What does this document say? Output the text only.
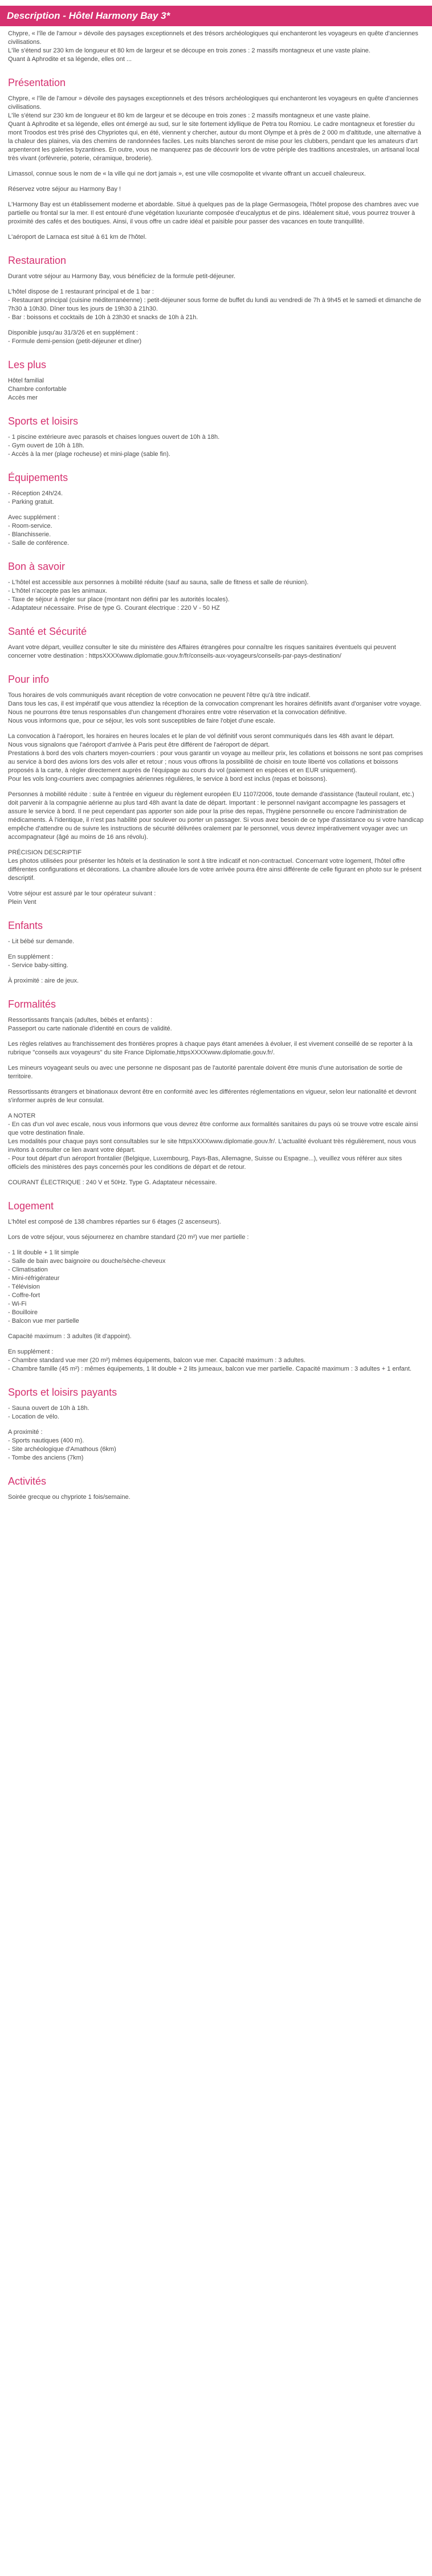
Description - Hôtel Harmony Bay 3*

Chypre, « l'île de l'amour » dévoile des paysages exceptionnels et des trésors archéologiques qui enchanteront les voyageurs en quête d'anciennes civilisations.
L'île s'étend sur 230 km de longueur et 80 km de largeur et se découpe en trois zones : 2 massifs montagneux et une vaste plaine.
Quant à Aphrodite et sa légende, elles ont ...

Présentation

Chypre, « l'île de l'amour » dévoile des paysages exceptionnels et des trésors archéologiques qui enchanteront les voyageurs en quête d'anciennes civilisations.
L'île s'étend sur 230 km de longueur et 80 km de largeur et se découpe en trois zones : 2 massifs montagneux et une vaste plaine.
Quant à Aphrodite et sa légende, elles ont émergé au sud, sur le site fortement idyllique de Petra tou Romiou. Le cadre montagneux et forestier du mont Troodos est très prisé des Chypriotes qui, en été, viennent y chercher, autour du mont Olympe et à près de 2 000 m d'altitude, une alternative à la chaleur des plaines, via des chemins de randonnées faciles. Les nuits blanches seront de mise pour les clubbers, pendant que les amateurs d'art arpenteront les galeries byzantines. En outre, vous ne manquerez pas de découvrir lors de votre périple des traditions ancestrales, un artisanal local très vivant (orfèvrerie, poterie, céramique, broderie).

Limassol, connue sous le nom de « la ville qui ne dort jamais », est une ville cosmopolite et vivante offrant un accueil chaleureux.

Réservez votre séjour au Harmony Bay !

L'Harmony Bay est un établissement moderne et abordable. Situé à quelques pas de la plage Germasogeia, l'hôtel propose des chambres avec vue partielle ou frontal sur la mer. Il est entouré d'une végétation luxuriante composée d'eucalyptus et de pins. Idéalement situé, vous pourrez trouver à proximité des cafés et des boutiques. Ainsi, il vous offre un cadre idéal et paisible pour passer des vacances en toute tranquillité.

L'aéroport de Larnaca est situé à 61 km de l'hôtel.

Restauration

Durant votre séjour au Harmony Bay, vous bénéficiez de la formule petit-déjeuner.

L'hôtel dispose de 1 restaurant principal et de 1 bar :
- Restaurant principal (cuisine méditerranéenne) : petit-déjeuner sous forme de buffet du lundi au vendredi de 7h à 9h45 et le samedi et dimanche de 7h30 à 10h30. Dîner tous les jours de 19h30 à 21h30.
- Bar : boissons et cocktails de 10h à 23h30 et snacks de 10h à 21h.
Disponible jusqu'au 31/3/26 et en supplément :
- Formule demi-pension (petit-déjeuner et dîner)
Les plus
Hôtel familial
Chambre confortable
Accès mer
Sports et loisirs
- 1 piscine extérieure avec parasols et chaises longues ouvert de 10h à 18h.
- Gym ouvert de 10h à 18h.
- Accès à la mer (plage rocheuse) et mini-plage (sable fin).
Équipements
- Réception 24h/24.
- Parking gratuit.
Avec supplément :
- Room-service.
- Blanchisserie.
- Salle de conférence.
Bon à savoir
- L'hôtel est accessible aux personnes à mobilité réduite (sauf au sauna, salle de fitness et salle de réunion).
- L'hôtel n'accepte pas les animaux.
- Taxe de séjour à régler sur place (montant non défini par les autorités locales).
- Adaptateur nécessaire. Prise de type G. Courant électrique : 220 V - 50 HZ
Santé et Sécurité

Avant votre départ, veuillez consulter le site du ministère des Affaires étrangères pour connaître les risques sanitaires éventuels qui peuvent concerner votre destination : httpsXXXXwww.diplomatie.gouv.fr/fr/conseils-aux-voyageurs/conseils-par-pays-destination/

Pour info

Tous horaires de vols communiqués avant réception de votre convocation ne peuvent l'être qu'à titre indicatif.
Dans tous les cas, il est impératif que vous attendiez la réception de la convocation comprenant les horaires définitifs avant d'organiser votre voyage.
Nous ne pourrons être tenus responsables d'un changement d'horaires entre votre réservation et la convocation définitive.
Nous vous informons que, pour ce séjour, les vols sont susceptibles de faire l'objet d'une escale.

La convocation à l'aéroport, les horaires en heures locales et le plan de vol définitif vous seront communiqués dans les 48h avant le départ.
Nous vous signalons que l'aéroport d'arrivée à Paris peut être différent de l'aéroport de départ.
Prestations à bord des vols charters moyen-courriers : pour vous garantir un voyage au meilleur prix, les collations et boissons ne sont pas comprises au service à bord des avions lors des vols aller et retour ; nous vous offrons la possibilité de choisir en toute liberté vos collations et boissons proposés à la carte, à régler directement auprès de l'équipage au cours du vol (paiement en espèces et en EUR uniquement).
Pour les vols long-courriers avec compagnies aériennes régulières, le service à bord est inclus (repas et boissons).

Personnes à mobilité réduite : suite à l'entrée en vigueur du règlement européen EU 1107/2006, toute demande d'assistance (fauteuil roulant, etc.) doit parvenir à la compagnie aérienne au plus tard 48h avant la date de départ. Important : le personnel navigant accompagne les passagers et assure le service à bord. Il ne peut cependant pas apporter son aide pour la prise des repas, l'hygiène personnelle ou encore l'administration de médicaments. À l'identique, il n'est pas habilité pour soulever ou porter un passager. Si vous avez besoin de ce type d'assistance ou si votre handicap empêche d'attendre ou de suivre les instructions de sécurité délivrées oralement par le personnel, vous devrez impérativement voyager avec un accompagnateur (âgé au moins de 16 ans révolu).

PRÉCISION DESCRIPTIF
Les photos utilisées pour présenter les hôtels et la destination le sont à titre indicatif et non-contractuel. Concernant votre logement, l'hôtel offre différentes configurations et décorations. La chambre allouée lors de votre arrivée pourra être ainsi différente de celle figurant en photo sur le présent descriptif.

Votre séjour est assuré par le tour opérateur suivant :
Plein Vent

Enfants
- Lit bébé sur demande.
En supplément :
- Service baby-sitting.

À proximité : aire de jeux.

Formalités

Ressortissants français (adultes, bébés et enfants) :
Passeport ou carte nationale d'identité en cours de validité.

Les règles relatives au franchissement des frontières propres à chaque pays étant amenées à évoluer, il est vivement conseillé de se reporter à la rubrique "conseils aux voyageurs" du site France Diplomatie,httpsXXXXwww.diplomatie.gouv.fr/.

Les mineurs voyageant seuls ou avec une personne ne disposant pas de l'autorité parentale doivent être munis d'une autorisation de sortie de territoire.

Ressortissants étrangers et binationaux devront être en conformité avec les différentes réglementations en vigueur, selon leur nationalité et devront s'informer auprès de leur consulat.

A NOTER
- En cas d'un vol avec escale, nous vous informons que vous devrez être conforme aux formalités sanitaires du pays où se trouve votre escale ainsi que votre destination finale.
Les modalités pour chaque pays sont consultables sur le site httpsXXXXwww.diplomatie.gouv.fr/. L'actualité évoluant très régulièrement, nous vous invitons à consulter ce lien avant votre départ.
- Pour tout départ d'un aéroport frontalier (Belgique, Luxembourg, Pays-Bas, Allemagne, Suisse ou Espagne...), veuillez vous référer aux sites officiels des ministères des pays concernés pour les conditions de départ et de retour.

COURANT ÉLECTRIQUE : 240 V et 50Hz. Type G. Adaptateur nécessaire.

Logement

L'hôtel est composé de 138 chambres réparties sur 6 étages (2 ascenseurs).

Lors de votre séjour, vous séjournerez en chambre standard (20 m²) vue mer partielle :

- 1 lit double + 1 lit simple
- Salle de bain avec baignoire ou douche/sèche-cheveux
- Climatisation
- Mini-réfrigérateur
- Télévision
- Coffre-fort
- Wi-Fi
- Bouilloire
- Balcon vue mer partielle

Capacité maximum : 3 adultes (lit d'appoint).

En supplément :
- Chambre standard vue mer (20 m²) mêmes équipements, balcon vue mer. Capacité maximum : 3 adultes.
- Chambre famille (45 m²) : mêmes équipements, 1 lit double + 2 lits jumeaux, balcon vue mer partielle. Capacité maximum : 3 adultes + 1 enfant.

Sports et loisirs payants
- Sauna ouvert de 10h à 18h.
- Location de vélo.
A proximité :
- Sports nautiques (400 m).
- Site archéologique d'Amathous (6km)
- Tombe des anciens (7km)
Activités

Soirée grecque ou chypriote 1 fois/semaine.
